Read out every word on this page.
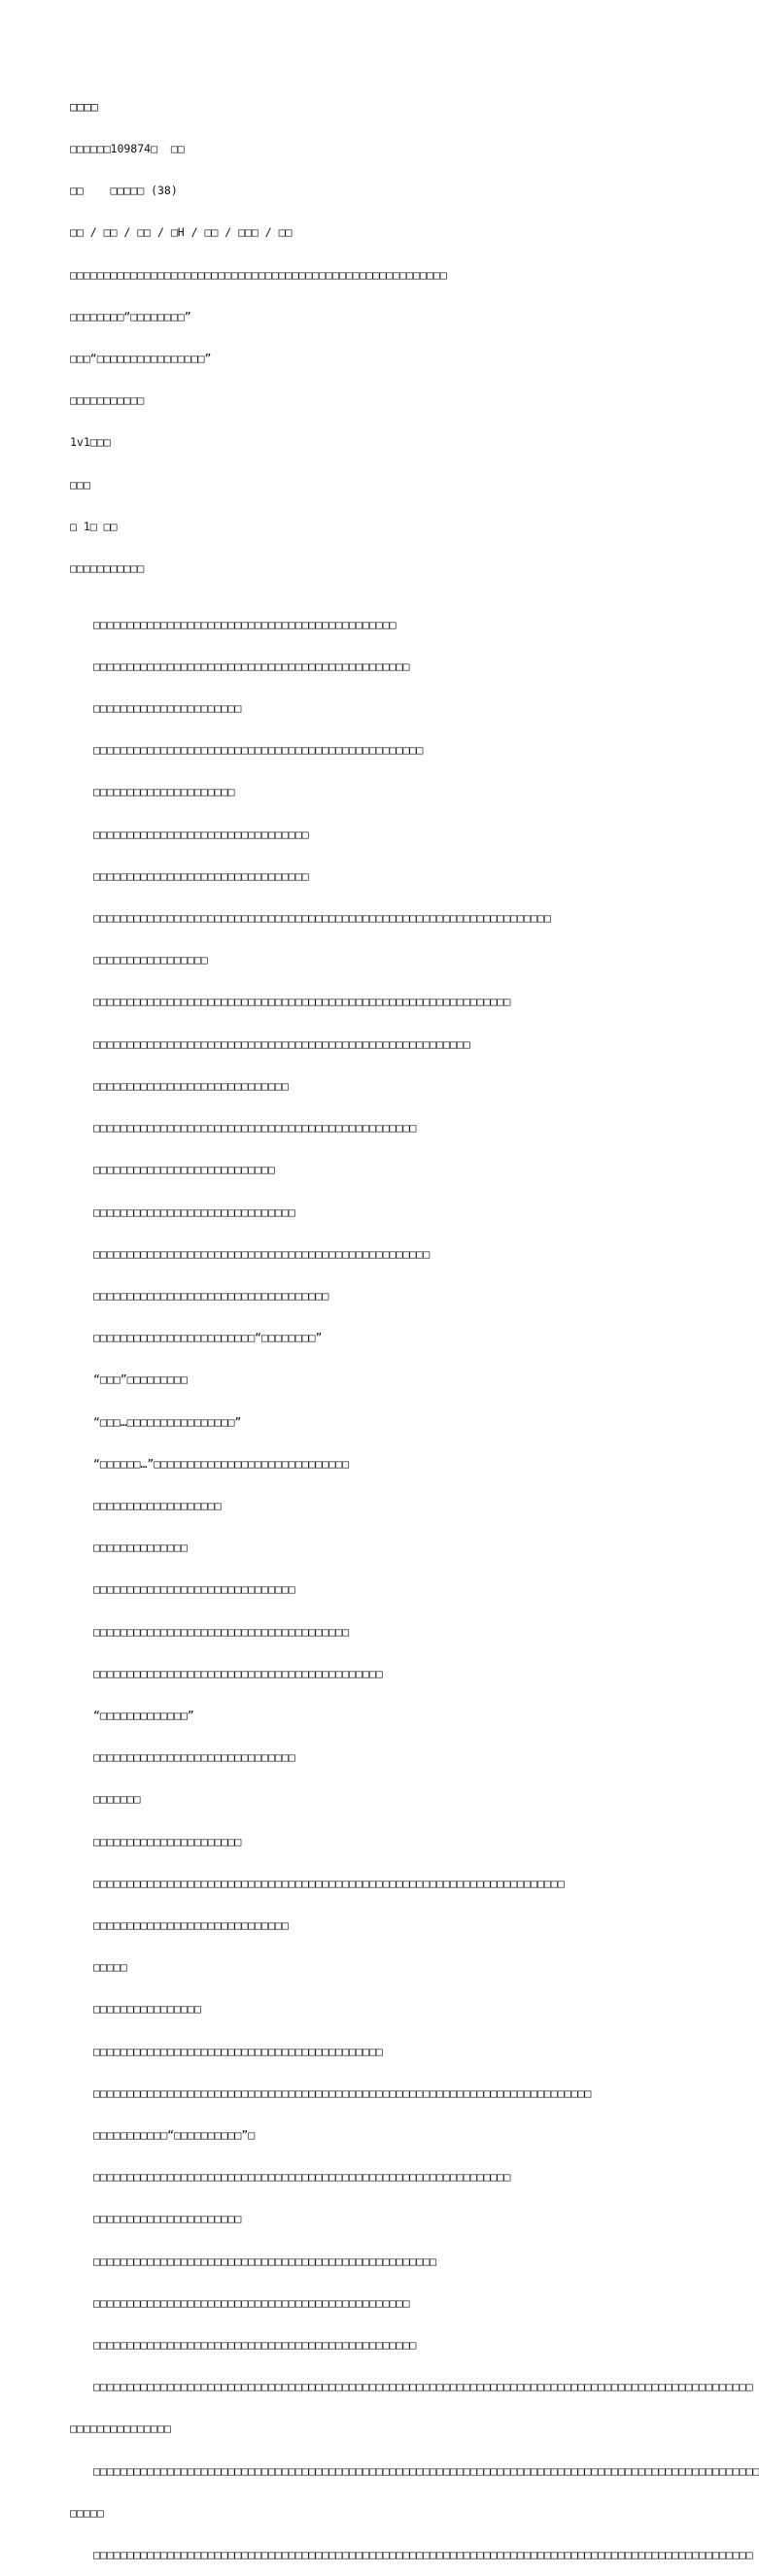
□□□□

□□□□□□109874□  □□

□□    □□□□□ (38)

□□ / □□ / □□ / □H / □□ / □□□ / □□

□□□□□□□□□□□□□□□□□□□□□□□□□□□□□□□□□□□□□□□□□□□□□□□□□□□□□□□□

□□□□□□□□“□□□□□□□□”

□□□“□□□□□□□□□□□□□□□□”

□□□□□□□□□□□

1v1□□□

□□□

□ 1□ □□

□□□□□□□□□□□

□□□□□□□□□□□□□□□□□□□□□□□□□□□□□□□□□□□□□□□□□□□□□

□□□□□□□□□□□□□□□□□□□□□□□□□□□□□□□□□□□□□□□□□□□□□□□

□□□□□□□□□□□□□□□□□□□□□□

□□□□□□□□□□□□□□□□□□□□□□□□□□□□□□□□□□□□□□□□□□□□□□□□□

□□□□□□□□□□□□□□□□□□□□□

□□□□□□□□□□□□□□□□□□□□□□□□□□□□□□□□

□□□□□□□□□□□□□□□□□□□□□□□□□□□□□□□□

□□□□□□□□□□□□□□□□□□□□□□□□□□□□□□□□□□□□□□□□□□□□□□□□□□□□□□□□□□□□□□□□□□□□

□□□□□□□□□□□□□□□□□

□□□□□□□□□□□□□□□□□□□□□□□□□□□□□□□□□□□□□□□□□□□□□□□□□□□□□□□□□□□□□□

□□□□□□□□□□□□□□□□□□□□□□□□□□□□□□□□□□□□□□□□□□□□□□□□□□□□□□□□

□□□□□□□□□□□□□□□□□□□□□□□□□□□□□

□□□□□□□□□□□□□□□□□□□□□□□□□□□□□□□□□□□□□□□□□□□□□□□□

□□□□□□□□□□□□□□□□□□□□□□□□□□□

□□□□□□□□□□□□□□□□□□□□□□□□□□□□□□

□□□□□□□□□□□□□□□□□□□□□□□□□□□□□□□□□□□□□□□□□□□□□□□□□□

□□□□□□□□□□□□□□□□□□□□□□□□□□□□□□□□□□□

□□□□□□□□□□□□□□□□□□□□□□□□“□□□□□□□□”

“□□□”□□□□□□□□□

“□□□…□□□□□□□□□□□□□□□□”

“□□□□□□…”□□□□□□□□□□□□□□□□□□□□□□□□□□□□□

□□□□□□□□□□□□□□□□□□□

□□□□□□□□□□□□□□

□□□□□□□□□□□□□□□□□□□□□□□□□□□□□□

□□□□□□□□□□□□□□□□□□□□□□□□□□□□□□□□□□□□□□

□□□□□□□□□□□□□□□□□□□□□□□□□□□□□□□□□□□□□□□□□□□

“□□□□□□□□□□□□□”

□□□□□□□□□□□□□□□□□□□□□□□□□□□□□□

□□□□□□□

□□□□□□□□□□□□□□□□□□□□□□

□□□□□□□□□□□□□□□□□□□□□□□□□□□□□□□□□□□□□□□□□□□□□□□□□□□□□□□□□□□□□□□□□□□□□□

□□□□□□□□□□□□□□□□□□□□□□□□□□□□□

□□□□□

□□□□□□□□□□□□□□□□

□□□□□□□□□□□□□□□□□□□□□□□□□□□□□□□□□□□□□□□□□□□

□□□□□□□□□□□□□□□□□□□□□□□□□□□□□□□□□□□□□□□□□□□□□□□□□□□□□□□□□□□□□□□□□□□□□□□□□□

□□□□□□□□□□□“□□□□□□□□□□”□

□□□□□□□□□□□□□□□□□□□□□□□□□□□□□□□□□□□□□□□□□□□□□□□□□□□□□□□□□□□□□□

□□□□□□□□□□□□□□□□□□□□□□

□□□□□□□□□□□□□□□□□□□□□□□□□□□□□□□□□□□□□□□□□□□□□□□□□□□

□□□□□□□□□□□□□□□□□□□□□□□□□□□□□□□□□□□□□□□□□□□□□□□

□□□□□□□□□□□□□□□□□□□□□□□□□□□□□□□□□□□□□□□□□□□□□□□□

□□□□□□□□□□□□□□□□□□□□□□□□□□□□□□□□□□□□□□□□□□□□□□□□□□□□□□□□□□□□□□□□□□□□□□□□□□□□□□□□□□□□□□□□□□□□□□□□□□

□□□□□□□□□□□□□□□

□□□□□□□□□□□□□□□□□□□□□□□□□□□□□□□□□□□□□□□□□□□□□□□□□□□□□□□□□□□□□□□□□□□□□□□□□□□□□□□□□□□□□□□□□□□□□□□□□□□

□□□□□

□□□□□□□□□□□□□□□□□□□□□□□□□□□□□□□□□□□□□□□□□□□□□□□□□□□□□□□□□□□□□□□□□□□□□□□□□□□□□□□□□□□□□□□□□□□□□□□□□□
